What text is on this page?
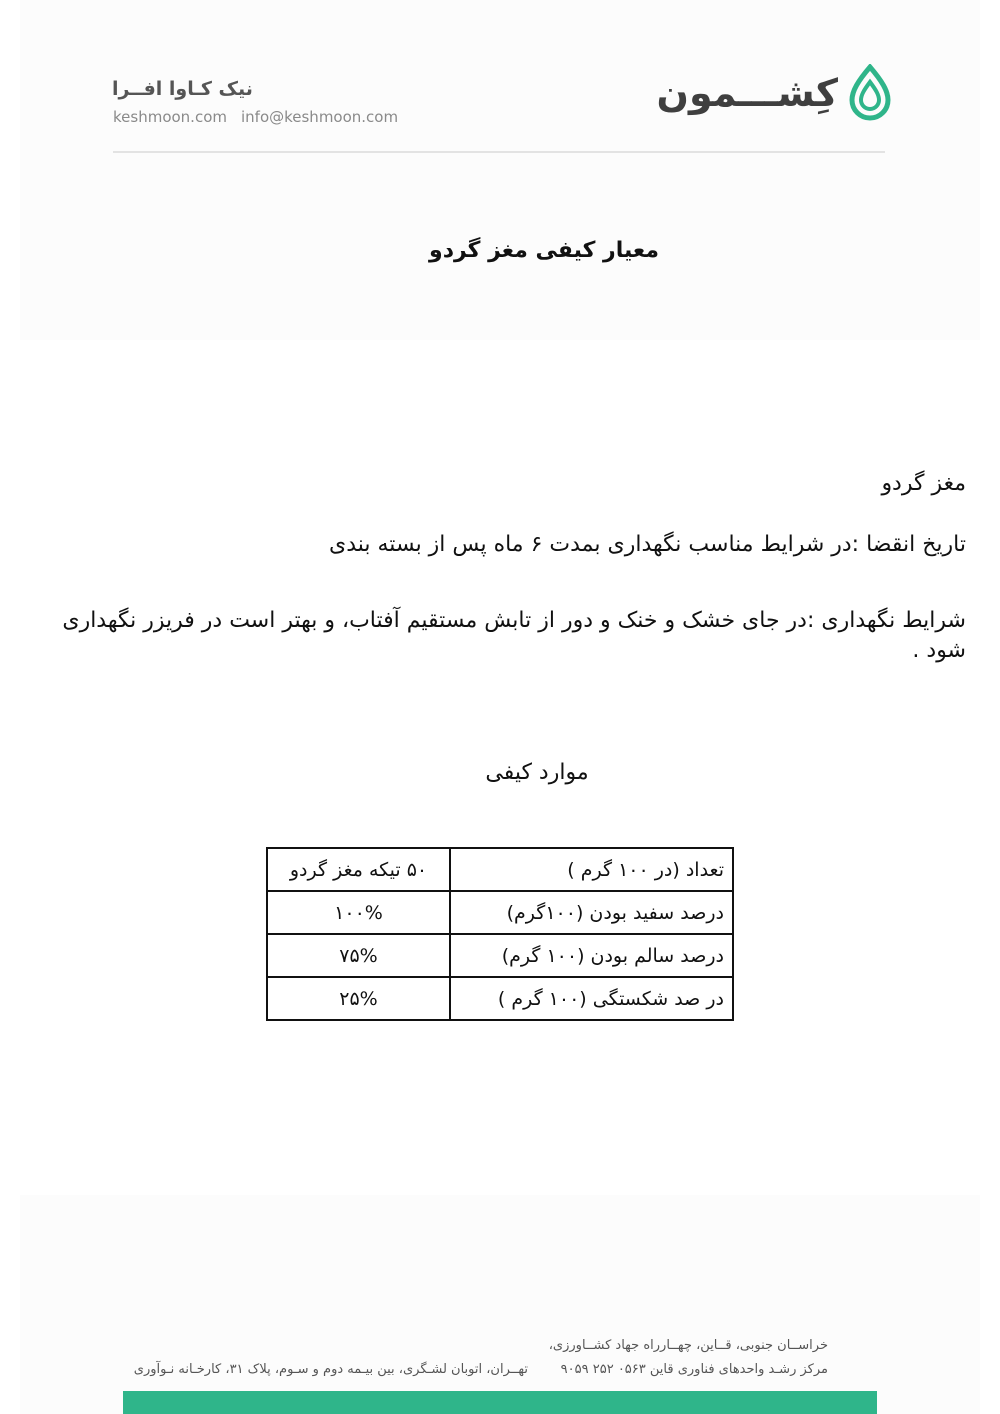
نیک کـاوا افــرا
keshmoon.com info@keshmoon.com
کِشـــمون
معیار کیفی مغز گردو
مغز گردو
تاریخ انقضا :در شرایط مناسب نگهداری بمدت ۶ ماه پس از بسته بندی
شرایط نگهداری :در جای خشک و خنک و دور از تابش مستقیم آفتاب، و بهتر است در فریزر نگهداری شود .
موارد کیفی
تعداد (در ۱۰۰ گرم )	۵۰ تیکه مغز گردو
درصد سفید بودن (۱۰۰گرم)	۱۰۰%
درصد سالم بودن (۱۰۰ گرم)	۷۵%
در صد شکستگی (۱۰۰ گرم )	۲۵%
خراســان جنوبی، قــاین، چهــارراه جهاد کشــاورزی،
مرکز رشـد واحدهای فناوری قاین ۰۵۶۳ ۲۵۲ ۹۰۵۹
تهــران، اتوبان لشـگری، بین بیـمه دوم و سـوم، پلاک ۳۱، کارخـانه نـوآوری
